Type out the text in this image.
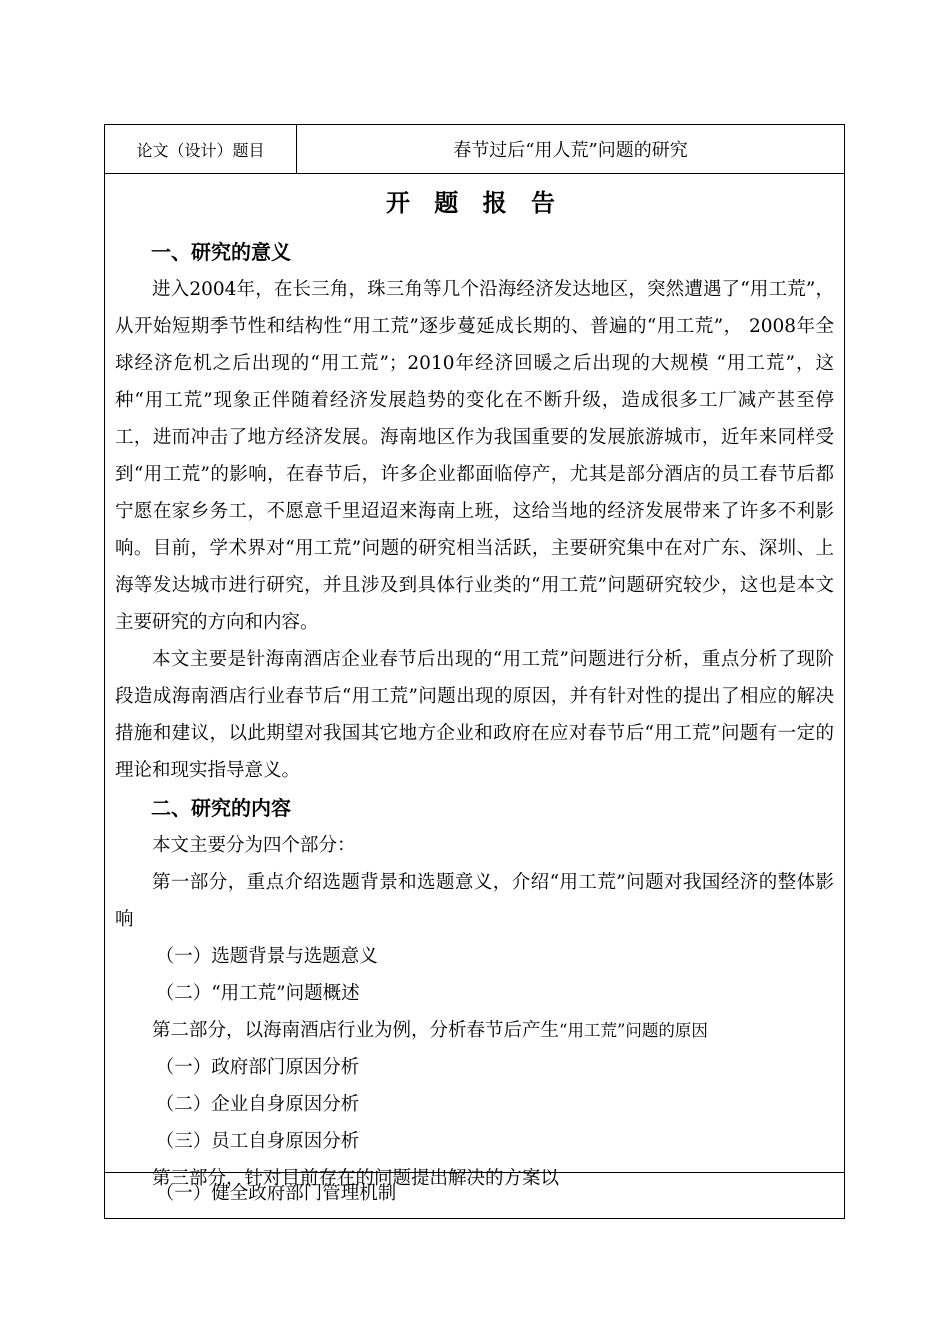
论文（设计）题目	春节过后“用人荒”问题的研究
开 题 报 告
一、研究的意义

进入2004年，在长三角，珠三角等几个沿海经济发达地区，突然遭遇了“用工荒”，从开始短期季节性和结构性“用工荒”逐步蔓延成长期的、普遍的“用工荒”， 2008年全球经济危机之后出现的“用工荒”；2010年经济回暖之后出现的大规模 “用工荒”，这种“用工荒”现象正伴随着经济发展趋势的变化在不断升级，造成很多工厂减产甚至停工，进而冲击了地方经济发展。海南地区作为我国重要的发展旅游城市，近年来同样受到“用工荒”的影响，在春节后，许多企业都面临停产，尤其是部分酒店的员工春节后都宁愿在家乡务工，不愿意千里迢迢来海南上班，这给当地的经济发展带来了许多不利影响。目前，学术界对“用工荒”问题的研究相当活跃，主要研究集中在对广东、深圳、上海等发达城市进行研究，并且涉及到具体行业类的“用工荒”问题研究较少，这也是本文主要研究的方向和内容。

本文主要是针海南酒店企业春节后出现的“用工荒”问题进行分析，重点分析了现阶段造成海南酒店行业春节后“用工荒”问题出现的原因，并有针对性的提出了相应的解决措施和建议，以此期望对我国其它地方企业和政府在应对春节后“用工荒”问题有一定的理论和现实指导意义。

二、研究的内容

本文主要分为四个部分：

第一部分，重点介绍选题背景和选题意义，介绍“用工荒”问题对我国经济的整体影响

（一）选题背景与选题意义

（二）“用工荒”问题概述

第二部分，以海南酒店行业为例，分析春节后产生“用工荒”问题的原因

（一）政府部门原因分析

（二）企业自身原因分析

（三）员工自身原因分析

第三部分，针对目前存在的问题提出解决的方案以

（一）健全政府部门管理机制
